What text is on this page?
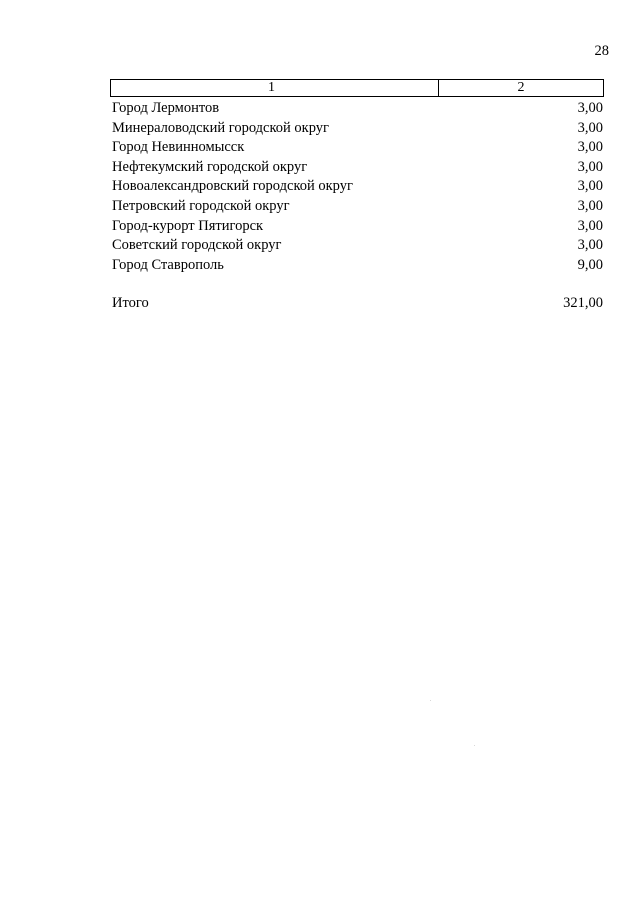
28
1	2
Город Лермонтов	3,00
Минераловодский городской округ	3,00
Город Невинномысск	3,00
Нефтекумский городской округ	3,00
Новоалександровский городской округ	3,00
Петровский городской округ	3,00
Город-курорт Пятигорск	3,00
Советский городской округ	3,00
Город Ставрополь	9,00
Итого	321,00
